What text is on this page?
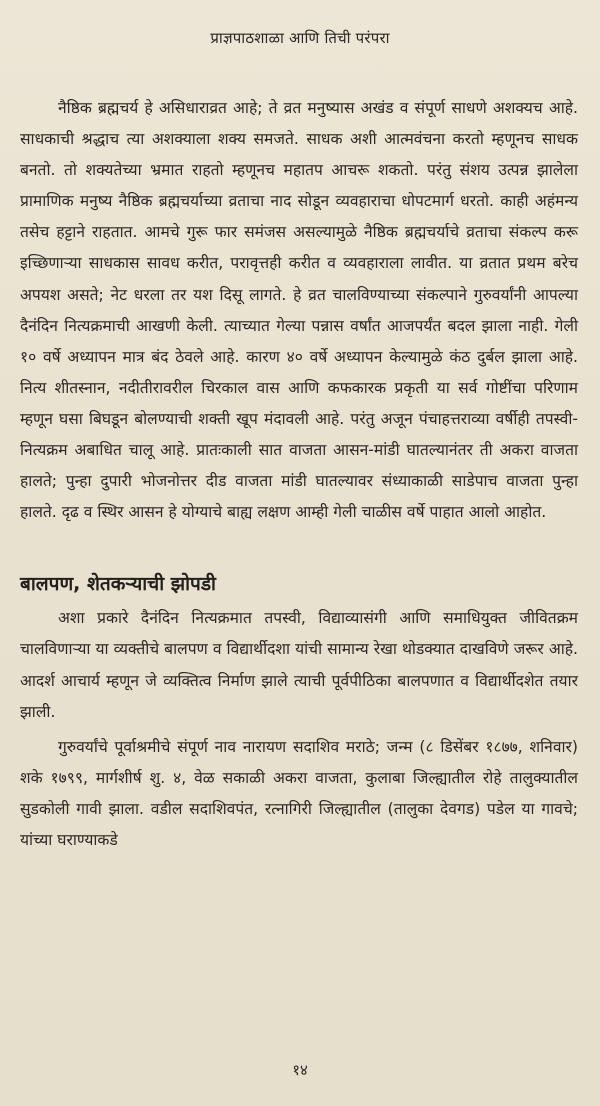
प्राज्ञपाठशाळा आणि तिची परंपरा

नैष्ठिक ब्रह्मचर्य हे असिधाराव्रत आहे; ते व्रत मनुष्यास अखंड व संपूर्ण साधणे अशक्यच आहे. साधकाची श्रद्धाच त्या अशक्याला शक्य समजते. साधक अशी आत्मवंचना करतो म्हणूनच साधक बनतो. तो शक्यतेच्या भ्रमात राहतो म्हणूनच महातप आचरू शकतो. परंतु संशय उत्पन्न झालेला प्रामाणिक मनुष्य नैष्ठिक ब्रह्मचर्याच्या व्रताचा नाद सोडून व्यवहाराचा धोपटमार्ग धरतो. काही अहंमन्य तसेच हट्टाने राहतात. आमचे गुरू फार समंजस असल्यामुळे नैष्ठिक ब्रह्मचर्याचे व्रताचा संकल्प करू इच्छिणाऱ्या साधकास सावध करीत, परावृत्तही करीत व व्यवहाराला लावीत. या व्रतात प्रथम बरेच अपयश असते; नेट धरला तर यश दिसू लागते. हे व्रत चालविण्याच्या संकल्पाने गुरुवर्यांनी आपल्या दैनंदिन नित्यक्रमाची आखणी केली. त्याच्यात गेल्या पन्नास वर्षांत आजपर्यंत बदल झाला नाही. गेली १० वर्षे अध्यापन मात्र बंद ठेवले आहे. कारण ४० वर्षे अध्यापन केल्यामुळे कंठ दुर्बल झाला आहे. नित्य शीतस्नान, नदीतीरावरील चिरकाल वास आणि कफकारक प्रकृती या सर्व गोष्टींचा परिणाम म्हणून घसा बिघडून बोलण्याची शक्ती खूप मंदावली आहे. परंतु अजून पंचाहत्तराव्या वर्षीही तपस्वी-नित्यक्रम अबाधित चालू आहे. प्रातःकाली सात वाजता आसन-मांडी घातल्यानंतर ती अकरा वाजता हालते; पुन्हा दुपारी भोजनोत्तर दीड वाजता मांडी घातल्यावर संध्याकाळी साडेपाच वाजता पुन्हा हालते. दृढ व स्थिर आसन हे योग्याचे बाह्य लक्षण आम्ही गेली चाळीस वर्षे पाहात आलो आहोत.

बालपण, शेतकऱ्याची झोपडी

अशा प्रकारे दैनंदिन नित्यक्रमात तपस्वी, विद्याव्यासंगी आणि समाधियुक्त जीवितक्रम चालविणाऱ्या या व्यक्तीचे बालपण व विद्यार्थीदशा यांची सामान्य रेखा थोडक्यात दाखविणे जरूर आहे. आदर्श आचार्य म्हणून जे व्यक्तित्व निर्माण झाले त्याची पूर्वपीठिका बालपणात व विद्यार्थीदशेत तयार झाली.

गुरुवर्यांचे पूर्वाश्रमीचे संपूर्ण नाव नारायण सदाशिव मराठे; जन्म (८ डिसेंबर १८७७, शनिवार) शके १७९९, मार्गशीर्ष शु. ४, वेळ सकाळी अकरा वाजता, कुलाबा जिल्ह्यातील रोहे तालुक्यातील सुडकोली गावी झाला. वडील सदाशिवपंत, रत्नागिरी जिल्ह्यातील (तालुका देवगड) पडेल या गावचे; यांच्या घराण्याकडे

१४
